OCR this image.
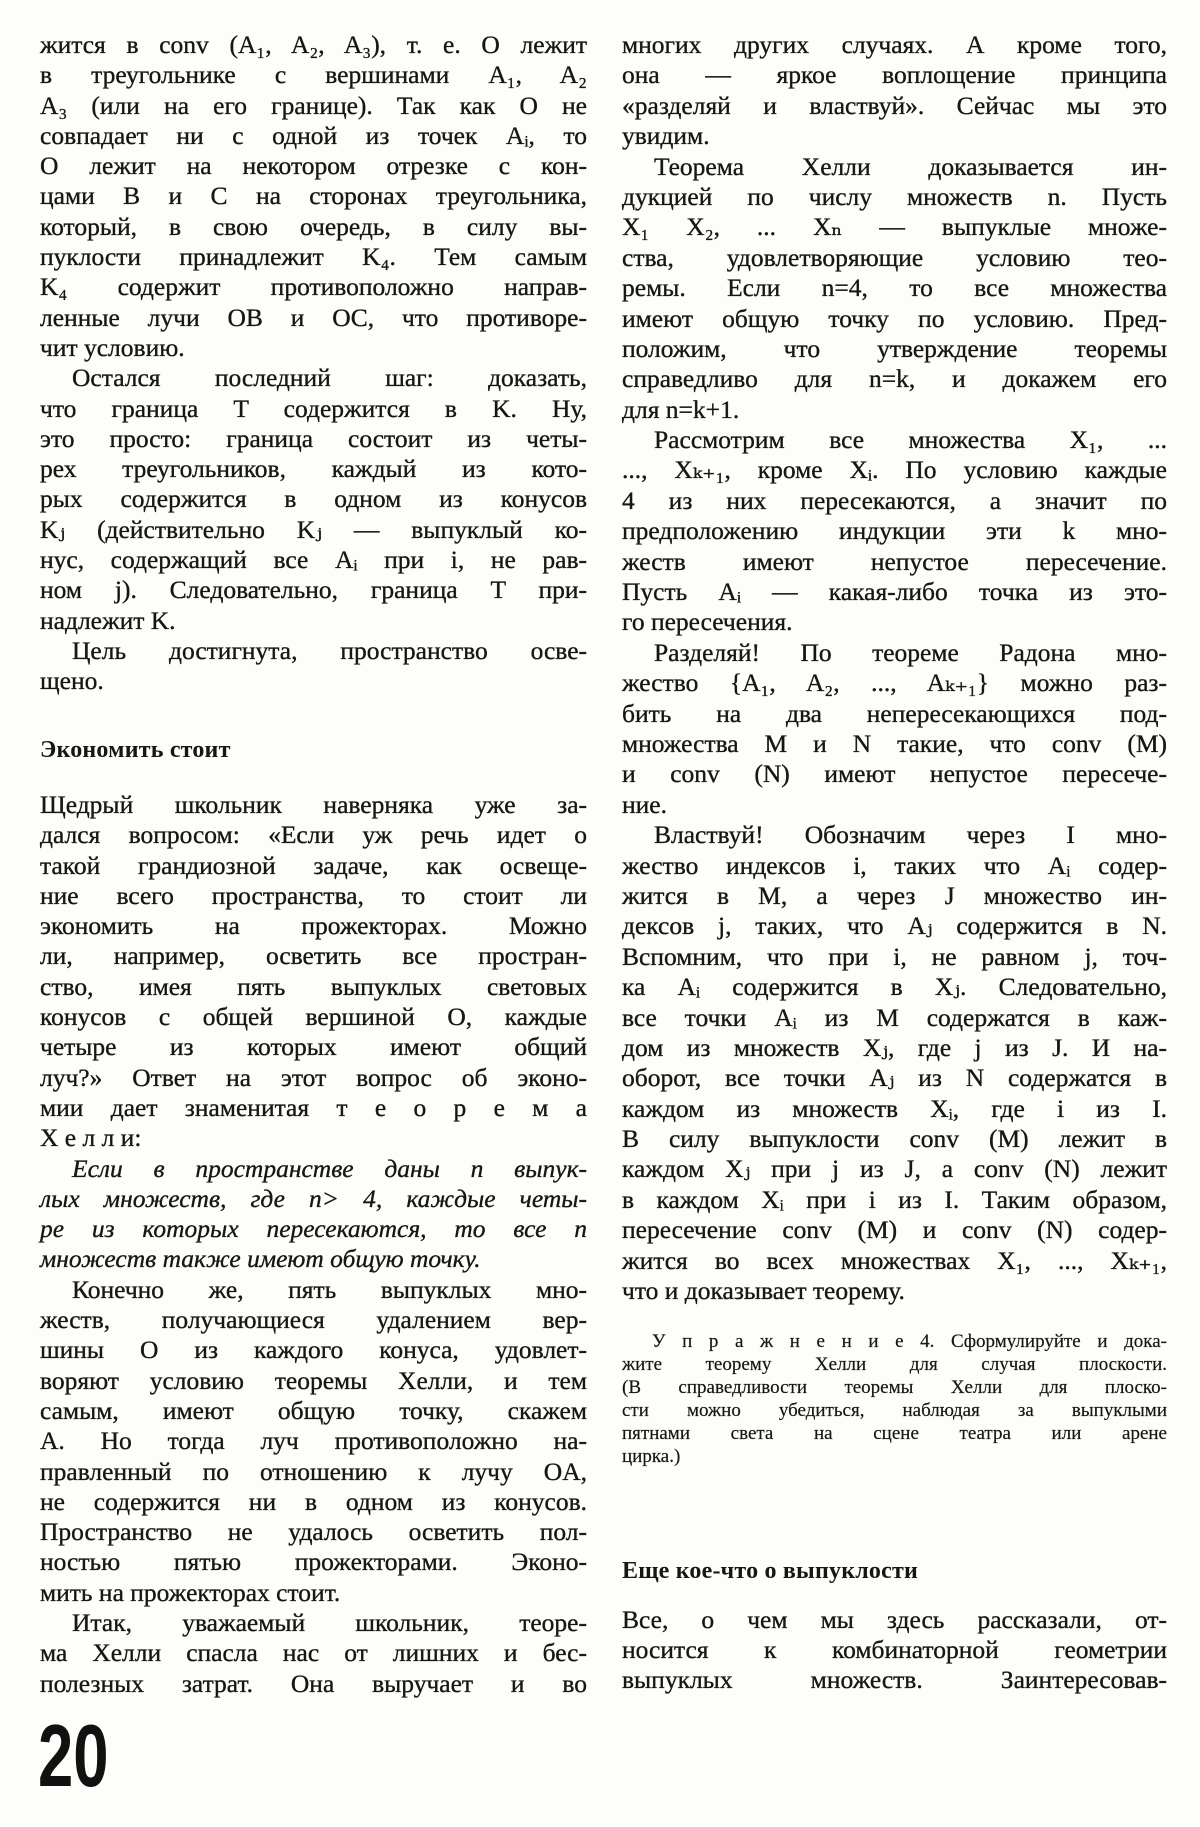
жится в conv (A₁, A₂, A₃), т. е. O лежит
в треугольнике с вершинами A₁, A₂
A₃ (или на его границе). Так как O не
совпадает ни с одной из точек Aᵢ, то
O лежит на некотором отрезке с кон-
цами B и C на сторонах треугольника,
который, в свою очередь, в силу вы-
пуклости принадлежит K₄. Тем самым
K₄ содержит противоположно направ-
ленные лучи OB и OC, что противоре-
чит условию.
Остался последний шаг: доказать,
что граница T содержится в K. Ну,
это просто: граница состоит из четы-
рех треугольников, каждый из кото-
рых содержится в одном из конусов
Kⱼ (действительно Kⱼ — выпуклый ко-
нус, содержащий все Aᵢ при i, не рав-
ном j). Следовательно, граница T при-
надлежит K.
Цель достигнута, пространство осве-
щено.
Экономить стоит
Щедрый школьник наверняка уже за-
дался вопросом: «Если уж речь идет о
такой грандиозной задаче, как освеще-
ние всего пространства, то стоит ли
экономить на прожекторах. Можно
ли, например, осветить все простран-
ство, имея пять выпуклых световых
конусов с общей вершиной O, каждые
четыре из которых имеют общий
луч?» Ответ на этот вопрос об эконо-
мии дает знаменитая т е о р е м а
Х е л л и:
Если в пространстве даны n выпук-
лых множеств, где n> 4, каждые четы-
ре из которых пересекаются, то все n
множеств также имеют общую точку.
Конечно же, пять выпуклых мно-
жеств, получающиеся удалением вер-
шины O из каждого конуса, удовлет-
воряют условию теоремы Хелли, и тем
самым, имеют общую точку, скажем
A. Но тогда луч противоположно на-
правленный по отношению к лучу OA,
не содержится ни в одном из конусов.
Пространство не удалось осветить пол-
ностью пятью прожекторами. Эконо-
мить на прожекторах стоит.
Итак, уважаемый школьник, теоре-
ма Хелли спасла нас от лишних и бес-
полезных затрат. Она выручает и во
20
многих других случаях. А кроме того,
она — яркое воплощение принципа
«разделяй и властвуй». Сейчас мы это
увидим.
Теорема Хелли доказывается ин-
дукцией по числу множеств n. Пусть
X₁ X₂, ... Xₙ — выпуклые множе-
ства, удовлетворяющие условию тео-
ремы. Если n=4, то все множества
имеют общую точку по условию. Пред-
положим, что утверждение теоремы
справедливо для n=k, и докажем его
для n=k+1.
Рассмотрим все множества X₁, ...
..., Xₖ₊₁, кроме Xᵢ. По условию каждые
4 из них пересекаются, а значит по
предположению индукции эти k мно-
жеств имеют непустое пересечение.
Пусть Aᵢ — какая-либо точка из это-
го пересечения.
Разделяй! По теореме Радона мно-
жество {A₁, A₂, ..., Aₖ₊₁} можно раз-
бить на два непересекающихся под-
множества M и N такие, что conv (M)
и conv (N) имеют непустое пересече-
ние.
Властвуй! Обозначим через I мно-
жество индексов i, таких что Aᵢ содер-
жится в M, а через J множество ин-
дексов j, таких, что Aⱼ содержится в N.
Вспомним, что при i, не равном j, точ-
ка Aᵢ содержится в Xⱼ. Следовательно,
все точки Aᵢ из M содержатся в каж-
дом из множеств Xⱼ, где j из J. И на-
оборот, все точки Aⱼ из N содержатся в
каждом из множеств Xᵢ, где i из I.
В силу выпуклости conv (M) лежит в
каждом Xⱼ при j из J, a conv (N) лежит
в каждом Xᵢ при i из I. Таким образом,
пересечение conv (M) и conv (N) содер-
жится во всех множествах X₁, ..., Xₖ₊₁,
что и доказывает теорему.
У п р а ж н е н и е 4. Сформулируйте и дока-
жите теорему Хелли для случая плоскости.
(В справедливости теоремы Хелли для плоско-
сти можно убедиться, наблюдая за выпуклыми
пятнами света на сцене театра или арене
цирка.)
Еще кое-что о выпуклости
Все, о чем мы здесь рассказали, от-
носится к комбинаторной геометрии
выпуклых множеств. Заинтересовав-
